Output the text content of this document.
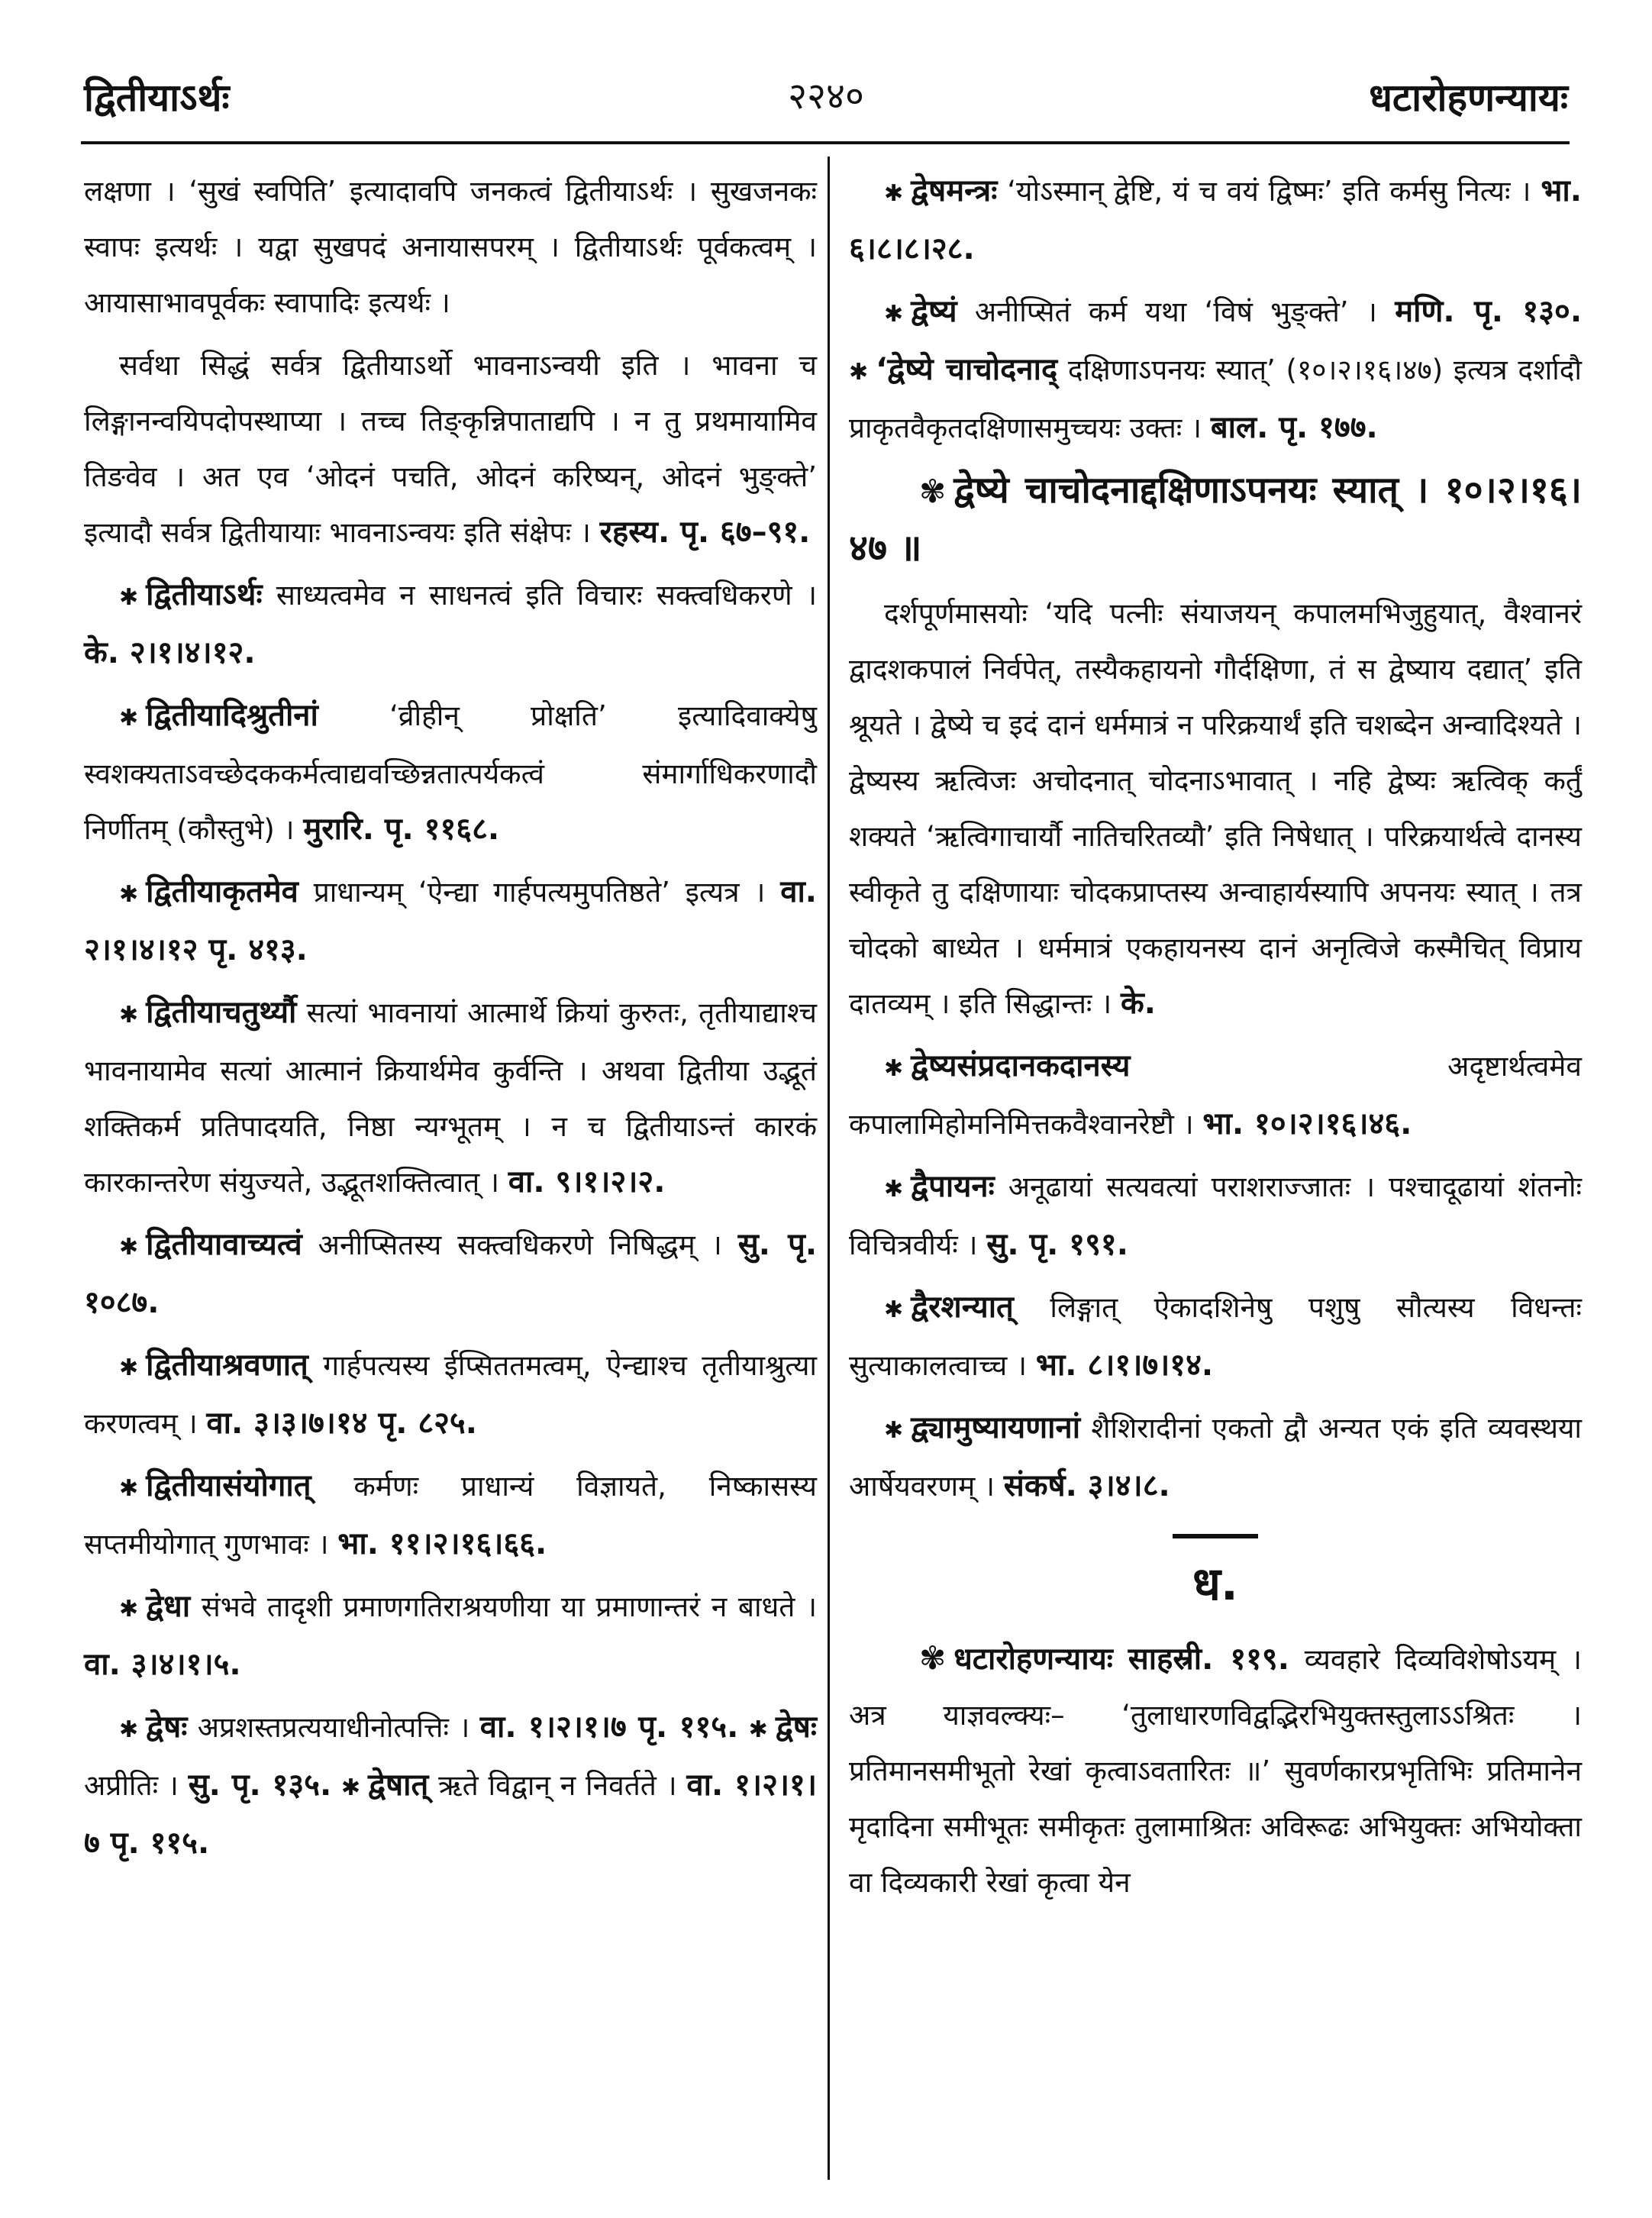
द्वितीयाऽर्थः	२२४०	धटारोहणन्यायः

लक्षणा । ‘सुखं स्वपिति’ इत्यादावपि जनकत्वं द्वितीयाऽर्थः । सुखजनकः स्वापः इत्यर्थः । यद्वा सुखपदं अनायासपरम् । द्वितीयाऽर्थः पूर्वकत्वम् । आयासाभावपूर्वकः स्वापादिः इत्यर्थः ।

सर्वथा सिद्धं सर्वत्र द्वितीयाऽर्थो भावनाऽन्वयी इति । भावना च लिङ्गानन्वयिपदोपस्थाप्या । तच्च तिङ्कृन्निपाताद्यपि । न तु प्रथमायामिव तिङवेव । अत एव ‘ओदनं पचति, ओदनं करिष्यन्, ओदनं भुङ्क्ते’ इत्यादौ सर्वत्र द्वितीयायाः भावनाऽन्वयः इति संक्षेपः । रहस्य. पृ. ६७–९१.

✱ द्वितीयाऽर्थः साध्यत्वमेव न साधनत्वं इति विचारः सक्त्वधिकरणे । के. २।१।४।१२.

✱ द्वितीयादिश्रुतीनां	‘व्रीहीन् प्रोक्षति’ इत्यादिवाक्येषु स्वशक्यताऽवच्छेदककर्मत्वाद्यवच्छिन्नतात्पर्यकत्वं संमार्गाधिकरणादौ निर्णीतम् (कौस्तुभे) । मुरारि. पृ. ११६८.

✱ द्वितीयाकृतमेव प्राधान्यम् ‘ऐन्द्या गार्हपत्यमुपतिष्ठते’ इत्यत्र । वा. २।१।४।१२ पृ. ४१३.

✱ द्वितीयाचतुर्थ्यौ सत्यां भावनायां आत्मार्थे क्रियां कुरुतः, तृतीयाद्याश्च भावनायामेव सत्यां आत्मानं क्रियार्थमेव कुर्वन्ति । अथवा द्वितीया उद्भूतं शक्तिकर्म प्रतिपादयति, निष्ठा न्यग्भूतम् । न च द्वितीयाऽन्तं कारकं कारकान्तरेण संयुज्यते, उद्भूतशक्तित्वात् । वा. ९।१।२।२.

✱ द्वितीयावाच्यत्वं अनीप्सितस्य सक्त्वधिकरणे निषिद्धम् । सु. पृ. १०८७.

✱ द्वितीयाश्रवणात् गार्हपत्यस्य ईप्सिततमत्वम्, ऐन्द्याश्च तृतीयाश्रुत्या करणत्वम् । वा. ३।३।७।१४ पृ. ८२५.

✱ द्वितीयासंयोगात् कर्मणः प्राधान्यं विज्ञायते, निष्कासस्य सप्तमीयोगात् गुणभावः । भा. ११।२।१६।६६.

✱ द्वेधा संभवे तादृशी प्रमाणगतिराश्रयणीया या प्रमाणान्तरं न बाधते । वा. ३।४।१।५.

✱ द्वेषः अप्रशस्तप्रत्ययाधीनोत्पत्तिः । वा. १।२।१।७ पृ. ११५. ✱ द्वेषः अप्रीतिः । सु. पृ. १३५. ✱ द्वेषात् ऋते विद्वान् न निवर्तते । वा. १।२।१।७ पृ. ११५.

✱ द्वेषमन्त्रः ‘योऽस्मान् द्वेष्टि, यं च वयं द्विष्मः’ इति कर्मसु नित्यः । भा. ६।८।८।२८.

✱ द्वेष्यं अनीप्सितं कर्म यथा ‘विषं भुङ्क्ते’ । मणि. पृ. १३०. ✱ ‘द्वेष्ये चाचोदनाद् दक्षिणाऽपनयः स्यात्’ (१०।२।१६।४७) इत्यत्र दर्शादौ प्राकृतवैकृतदक्षिणासमुच्चयः उक्तः । बाल. पृ. १७७.

✾ द्वेष्ये चाचोदनाद्दक्षिणाऽपनयः स्यात् । १०।२।१६।४७ ॥

दर्शपूर्णमासयोः ‘यदि पत्नीः संयाजयन् कपालमभिजुहुयात्, वैश्वानरं द्वादशकपालं निर्वपेत्, तस्यैकहायनो गौर्दक्षिणा, तं स द्वेष्याय दद्यात्’ इति श्रूयते । द्वेष्ये च इदं दानं धर्ममात्रं न परिक्रयार्थं इति चशब्देन अन्वादिश्यते । द्वेष्यस्य ऋत्विजः अचोदनात् चोदनाऽभावात् । नहि द्वेष्यः ऋत्विक् कर्तुं शक्यते ‘ऋत्विगाचार्यौ नातिचरितव्यौ’ इति निषेधात् । परिक्रयार्थत्वे दानस्य स्वीकृते तु दक्षिणायाः चोदकप्राप्तस्य अन्वाहार्यस्यापि अपनयः स्यात् । तत्र चोदको बाध्येत । धर्ममात्रं एकहायनस्य दानं अनृत्विजे कस्मैचित् विप्राय दातव्यम् । इति सिद्धान्तः । के.

✱ द्वेष्यसंप्रदानकदानस्य	अदृष्टार्थत्वमेव कपालामिहोमनिमित्तकवैश्वानरेष्टौ । भा. १०।२।१६।४६.

✱ द्वैपायनः अनूढायां सत्यवत्यां पराशराज्जातः । पश्चादूढायां शंतनोः विचित्रवीर्यः । सु. पृ. १९१.

✱ द्वैरशन्यात् लिङ्गात् ऐकादशिनेषु पशुषु सौत्यस्य विधन्तः सुत्याकालत्वाच्च । भा. ८।१।७।१४.

✱ द्व्यामुष्यायणानां शैशिरादीनां एकतो द्वौ अन्यत एकं इति व्यवस्थया आर्षेयवरणम् । संकर्ष. ३।४।८.

ध.

✾ धटारोहणन्यायः साहस्री. ११९. व्यवहारे दिव्यविशेषोऽयम् । अत्र याज्ञवल्क्यः– ‘तुलाधारणविद्वद्भिरभियुक्तस्तुलाऽऽश्रितः । प्रतिमानसमीभूतो रेखां कृत्वाऽवतारितः ॥’ सुवर्णकारप्रभृतिभिः प्रतिमानेन मृदादिना समीभूतः समीकृतः तुलामाश्रितः अविरूढः अभियुक्तः अभियोक्ता वा दिव्यकारी रेखां कृत्वा येन
